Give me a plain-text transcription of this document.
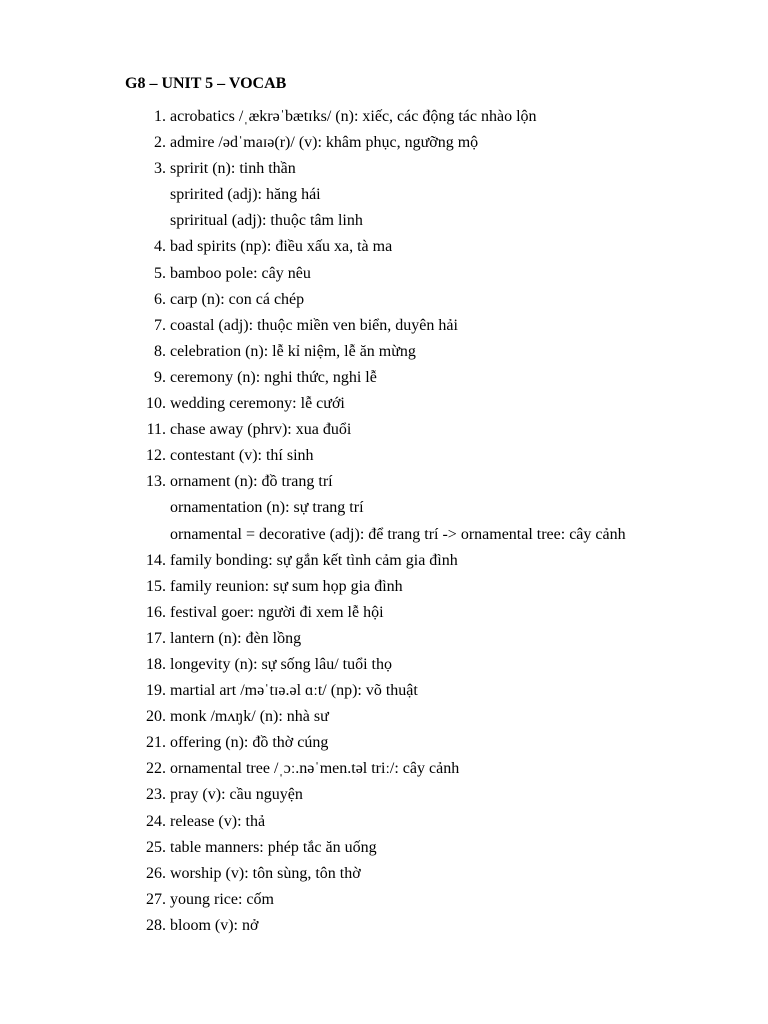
G8 – UNIT 5 – VOCAB
1. acrobatics /ˌækrəˈbætɪks/ (n): xiếc, các động tác nhào lộn
2. admire /ədˈmaɪə(r)/ (v): khâm phục, ngưỡng mộ
3. spririt (n): tinh thần
spririted (adj): hăng hái
spriritual (adj): thuộc tâm linh
4. bad spirits (np): điều xấu xa, tà ma
5. bamboo pole: cây nêu
6. carp (n): con cá chép
7. coastal (adj): thuộc miền ven biển, duyên hải
8. celebration (n): lễ kỉ niệm, lễ ăn mừng
9. ceremony (n): nghi thức, nghi lễ
10. wedding ceremony: lễ cưới
11. chase away (phrv): xua đuổi
12. contestant (v): thí sinh
13. ornament (n): đồ trang trí
ornamentation (n): sự trang trí
ornamental = decorative (adj): để trang trí -> ornamental tree: cây cảnh
14. family bonding: sự gắn kết tình cảm gia đình
15. family reunion: sự sum họp gia đình
16. festival goer: người đi xem lễ hội
17. lantern (n): đèn lồng
18. longevity (n): sự sống lâu/ tuổi thọ
19. martial art /məˈtɪə.əl ɑːt/ (np): võ thuật
20. monk /mʌŋk/ (n): nhà sư
21. offering (n): đồ thờ cúng
22. ornamental tree /ˌɔː.nəˈmen.təl triː/: cây cảnh
23. pray (v): cầu nguyện
24. release (v): thả
25. table manners: phép tắc ăn uống
26. worship (v): tôn sùng, tôn thờ
27. young rice: cốm
28. bloom (v): nở
